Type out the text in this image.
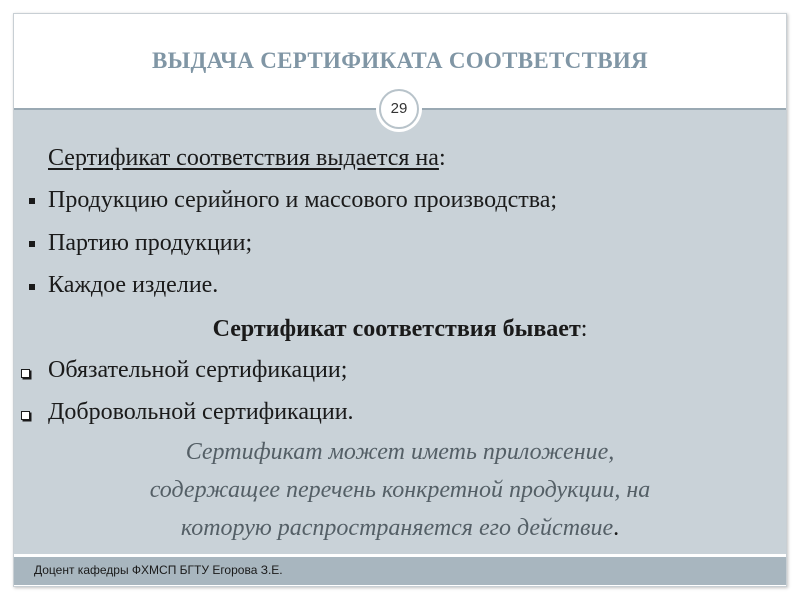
ВЫДАЧА СЕРТИФИКАТА СООТВЕТСТВИЯ
29
Сертификат соответствия выдается на:
Продукцию серийного и массового производства;
Партию продукции;
Каждое изделие.
Сертификат соответствия бывает:
Обязательной сертификации;
Добровольной сертификации.
Сертификат может иметь приложение,
содержащее перечень конкретной продукции, на
которую распространяется его действие.
Доцент кафедры ФХМСП БГТУ Егорова З.Е.
